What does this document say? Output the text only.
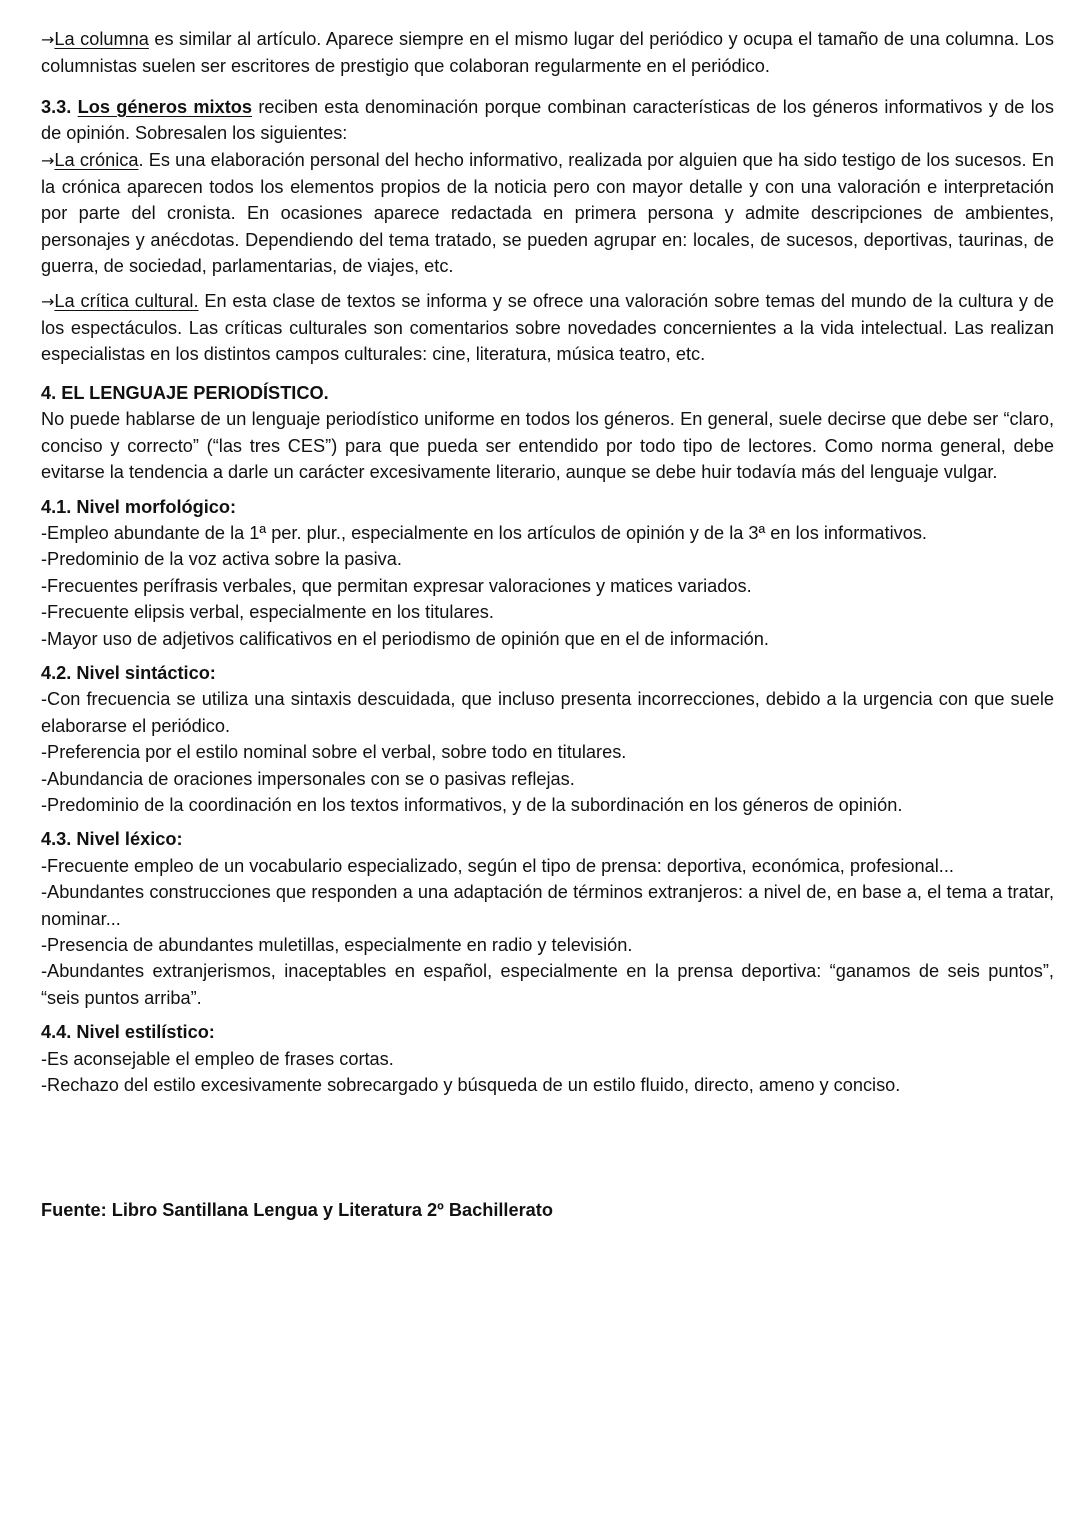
→La columna es similar al artículo. Aparece siempre en el mismo lugar del periódico y ocupa el tamaño de una columna. Los columnistas suelen ser escritores de prestigio que colaboran regularmente en el periódico.

3.3. Los géneros mixtos reciben esta denominación porque combinan características de los géneros informativos y de los de opinión. Sobresalen los siguientes:

→La crónica. Es una elaboración personal del hecho informativo, realizada por alguien que ha sido testigo de los sucesos. En la crónica aparecen todos los elementos propios de la noticia pero con mayor detalle y con una valoración e interpretación por parte del cronista. En ocasiones aparece redactada en primera persona y admite descripciones de ambientes, personajes y anécdotas. Dependiendo del tema tratado, se pueden agrupar en: locales, de sucesos, deportivas, taurinas, de guerra, de sociedad, parlamentarias, de viajes, etc.

→La crítica cultural. En esta clase de textos se informa y se ofrece una valoración sobre temas del mundo de la cultura y de los espectáculos. Las críticas culturales son comentarios sobre novedades concernientes a la vida intelectual. Las realizan especialistas en los distintos campos culturales: cine, literatura, música teatro, etc.

4. EL LENGUAJE PERIODÍSTICO.

No puede hablarse de un lenguaje periodístico uniforme en todos los géneros. En general, suele decirse que debe ser “claro, conciso y correcto” (“las tres CES”) para que pueda ser entendido por todo tipo de lectores. Como norma general, debe evitarse la tendencia a darle un carácter excesivamente literario, aunque se debe huir todavía más del lenguaje vulgar.

4.1. Nivel morfológico:

-Empleo abundante de la 1ª per. plur., especialmente en los artículos de opinión y de la 3ª en los informativos.

-Predominio de la voz activa sobre la pasiva.

-Frecuentes perífrasis verbales, que permitan expresar valoraciones y matices variados.

-Frecuente elipsis verbal, especialmente en los titulares.

-Mayor uso de adjetivos calificativos en el periodismo de opinión que en el de información.

4.2. Nivel sintáctico:

-Con frecuencia se utiliza una sintaxis descuidada, que incluso presenta incorrecciones, debido a la urgencia con que suele elaborarse el periódico.

-Preferencia por el estilo nominal sobre el verbal, sobre todo en titulares.

-Abundancia de oraciones impersonales con se o pasivas reflejas.

-Predominio de la coordinación en los textos informativos, y de la subordinación en los géneros de opinión.

4.3. Nivel léxico:

-Frecuente empleo de un vocabulario especializado, según el tipo de prensa: deportiva, económica, profesional...

-Abundantes construcciones que responden a una adaptación de términos extranjeros: a nivel de, en base a, el tema a tratar, nominar...

-Presencia de abundantes muletillas, especialmente en radio y televisión.

-Abundantes extranjerismos, inaceptables en español, especialmente en la prensa deportiva: “ganamos de seis puntos”, “seis puntos arriba”.

4.4. Nivel estilístico:

-Es aconsejable el empleo de frases cortas.

-Rechazo del estilo excesivamente sobrecargado y búsqueda de un estilo fluido, directo, ameno y conciso.

Fuente: Libro Santillana Lengua y Literatura 2º Bachillerato
